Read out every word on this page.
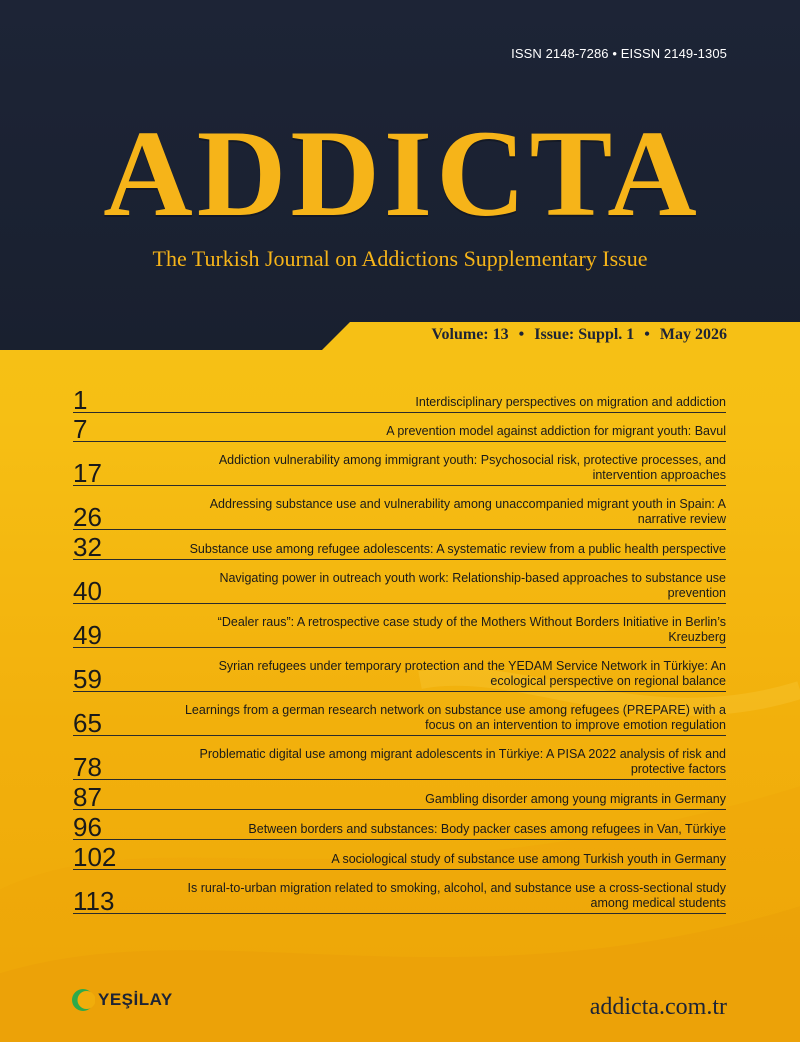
ISSN 2148-7286 • EISSN 2149-1305
ADDICTA
The Turkish Journal on Addictions Supplementary Issue
Volume: 13 • Issue: Suppl. 1 • May 2026
1	Interdisciplinary perspectives on migration and addiction
7	A prevention model against addiction for migrant youth: Bavul
17	Addiction vulnerability among immigrant youth: Psychosocial risk, protective processes, and intervention approaches
26	Addressing substance use and vulnerability among unaccompanied migrant youth in Spain: A narrative review
32	Substance use among refugee adolescents: A systematic review from a public health perspective
40	Navigating power in outreach youth work: Relationship-based approaches to substance use prevention
49	“Dealer raus”: A retrospective case study of the Mothers Without Borders Initiative in Berlin’s Kreuzberg
59	Syrian refugees under temporary protection and the YEDAM Service Network in Türkiye: An ecological perspective on regional balance
65	Learnings from a german research network on substance use among refugees (PREPARE) with a focus on an intervention to improve emotion regulation
78	Problematic digital use among migrant adolescents in Türkiye: A PISA 2022 analysis of risk and protective factors
87	Gambling disorder among young migrants in Germany
96	Between borders and substances: Body packer cases among refugees in Van, Türkiye
102	A sociological study of substance use among Turkish youth in Germany
113	Is rural-to-urban migration related to smoking, alcohol, and substance use a cross-sectional study among medical students
YEŞİLAY	addicta.com.tr
